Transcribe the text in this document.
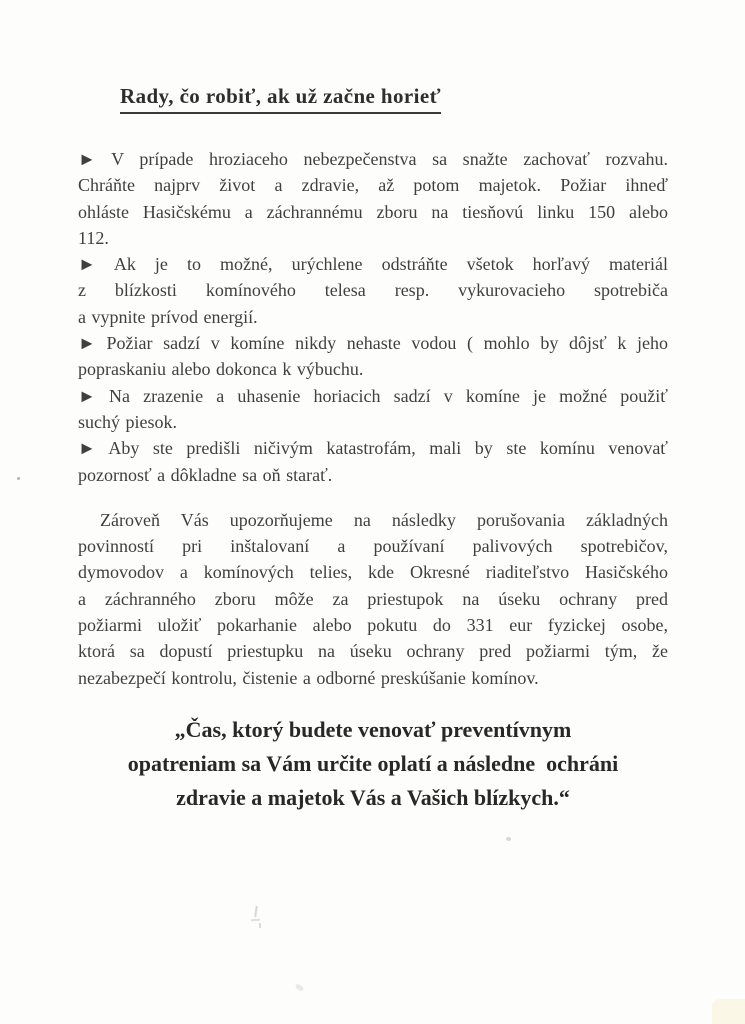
Rady, čo robiť, ak už začne horieť
► V prípade hroziaceho nebezpečenstva sa snažte zachovať rozvahu.
Chráňte najprv život a zdravie, až potom majetok. Požiar ihneď
ohláste Hasičskému a záchrannému zboru na tiesňovú linku 150 alebo
112.
► Ak je to možné, urýchlene odstráňte všetok horľavý materiál
z blízkosti komínového telesa resp. vykurovacieho spotrebiča
a vypnite prívod energií.
► Požiar sadzí v komíne nikdy nehaste vodou ( mohlo by dôjsť k jeho
popraskaniu alebo dokonca k výbuchu.
► Na zrazenie a uhasenie horiacich sadzí v komíne je možné použiť
suchý piesok.
► Aby ste predišli ničivým katastrofám, mali by ste komínu venovať
pozornosť a dôkladne sa oň starať.
Zároveň Vás upozorňujeme na následky porušovania základných
povinností pri inštalovaní a používaní palivových spotrebičov,
dymovodov a komínových telies, kde Okresné riaditeľstvo Hasičského
a záchranného zboru môže za priestupok na úseku ochrany pred
požiarmi uložiť pokarhanie alebo pokutu do 331 eur fyzickej osobe,
ktorá sa dopustí priestupku na úseku ochrany pred požiarmi tým, že
nezabezpečí kontrolu, čistenie a odborné preskúšanie komínov.
„Čas, ktorý budete venovať preventívnym
opatreniam sa Vám určite oplatí a následne  ochráni
zdravie a majetok Vás a Vašich blízkych.“
